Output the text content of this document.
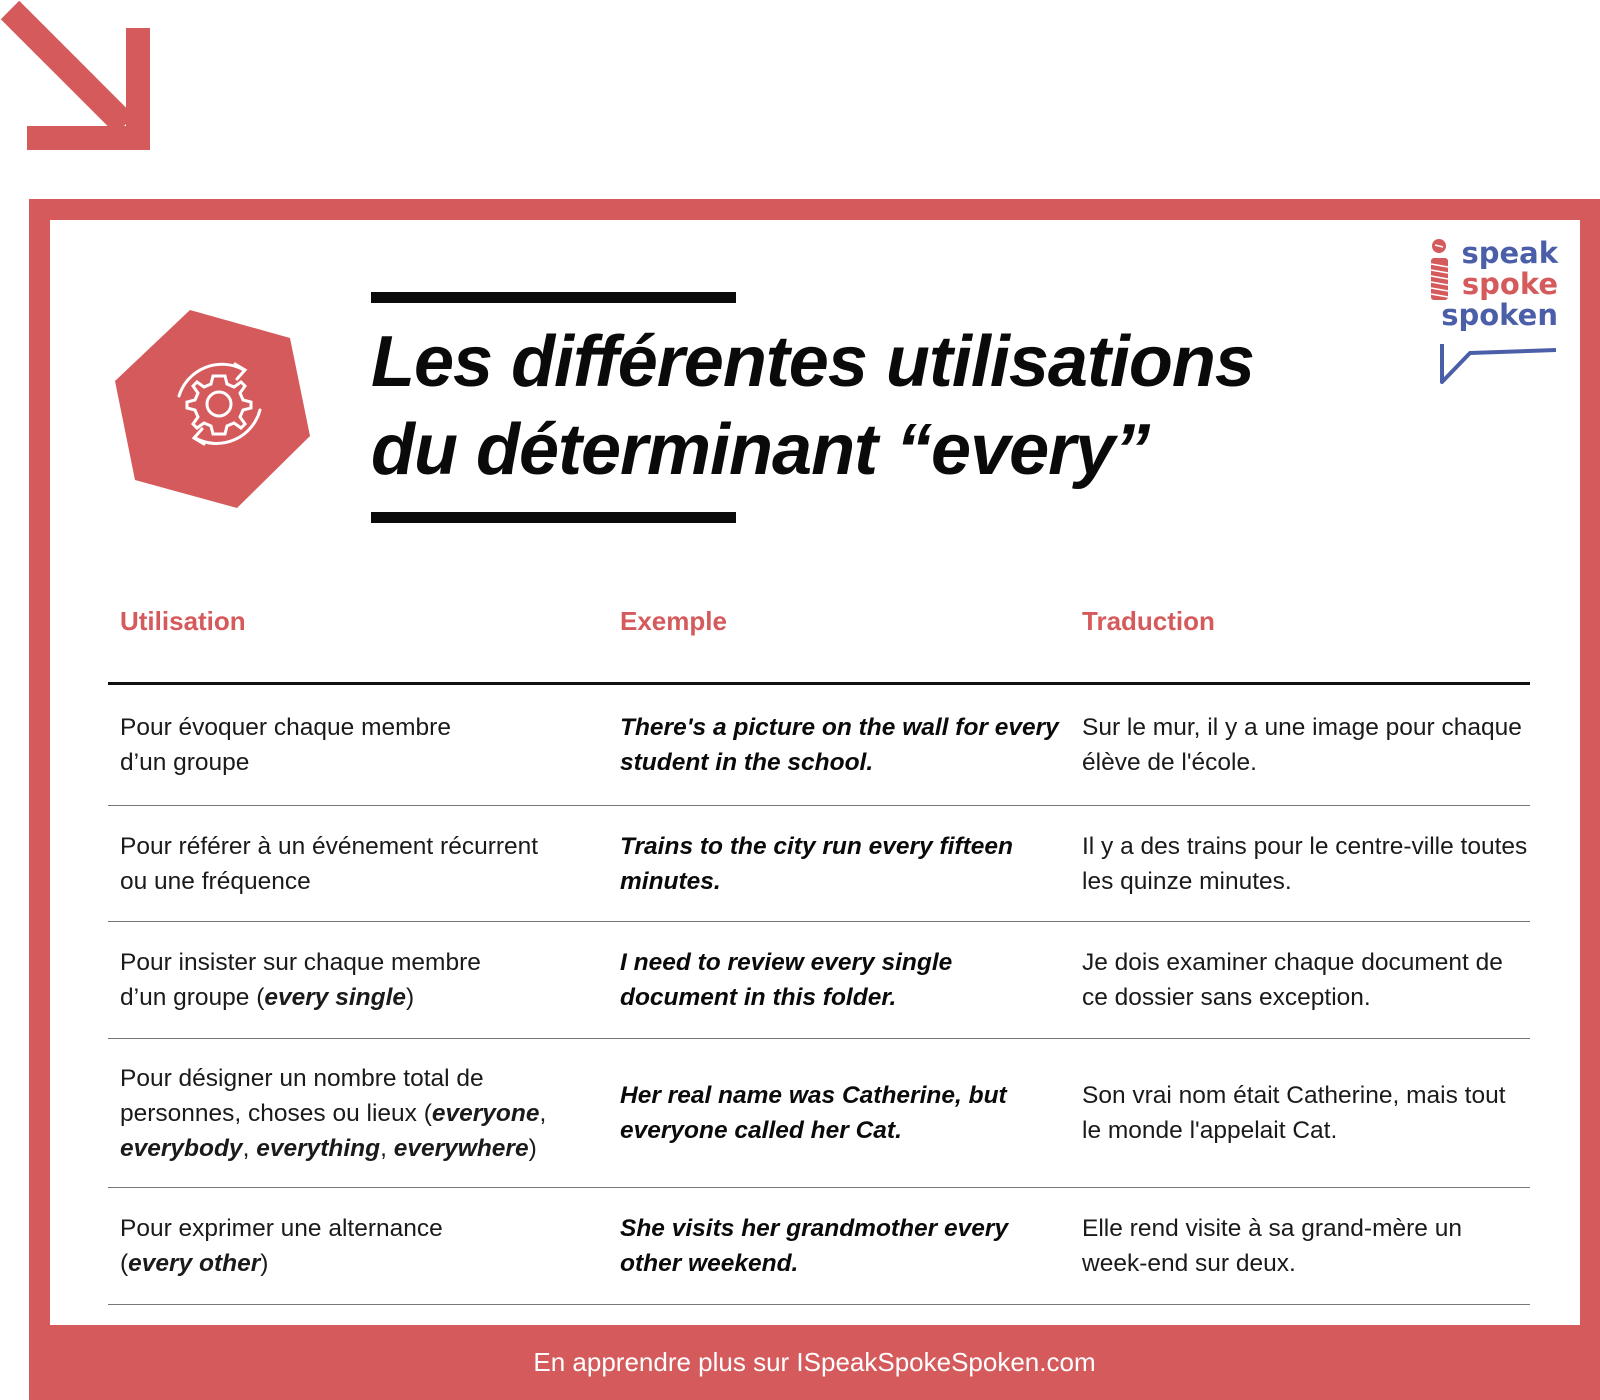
Les différentes utilisations
du déterminant “every”
speak
spoke
spoken
Utilisation	Exemple	Traduction
Pour évoquer chaque membre
d’un groupe
There's a picture on the wall for every student in the school.
Sur le mur, il y a une image pour chaque élève de l'école.
Pour référer à un événement récurrent
ou une fréquence
Trains to the city run every fifteen minutes.
Il y a des trains pour le centre-ville toutes les quinze minutes.
Pour insister sur chaque membre
d’un groupe (every single)
I need to review every single document in this folder.
Je dois examiner chaque document de ce dossier sans exception.
Pour désigner un nombre total de
personnes, choses ou lieux (everyone,
everybody, everything, everywhere)
Her real name was Catherine, but everyone called her Cat.
Son vrai nom était Catherine, mais tout le monde l'appelait Cat.
Pour exprimer une alternance
(every other)
She visits her grandmother every other weekend.
Elle rend visite à sa grand-mère un week-end sur deux.
En apprendre plus sur ISpeakSpokeSpoken.com
